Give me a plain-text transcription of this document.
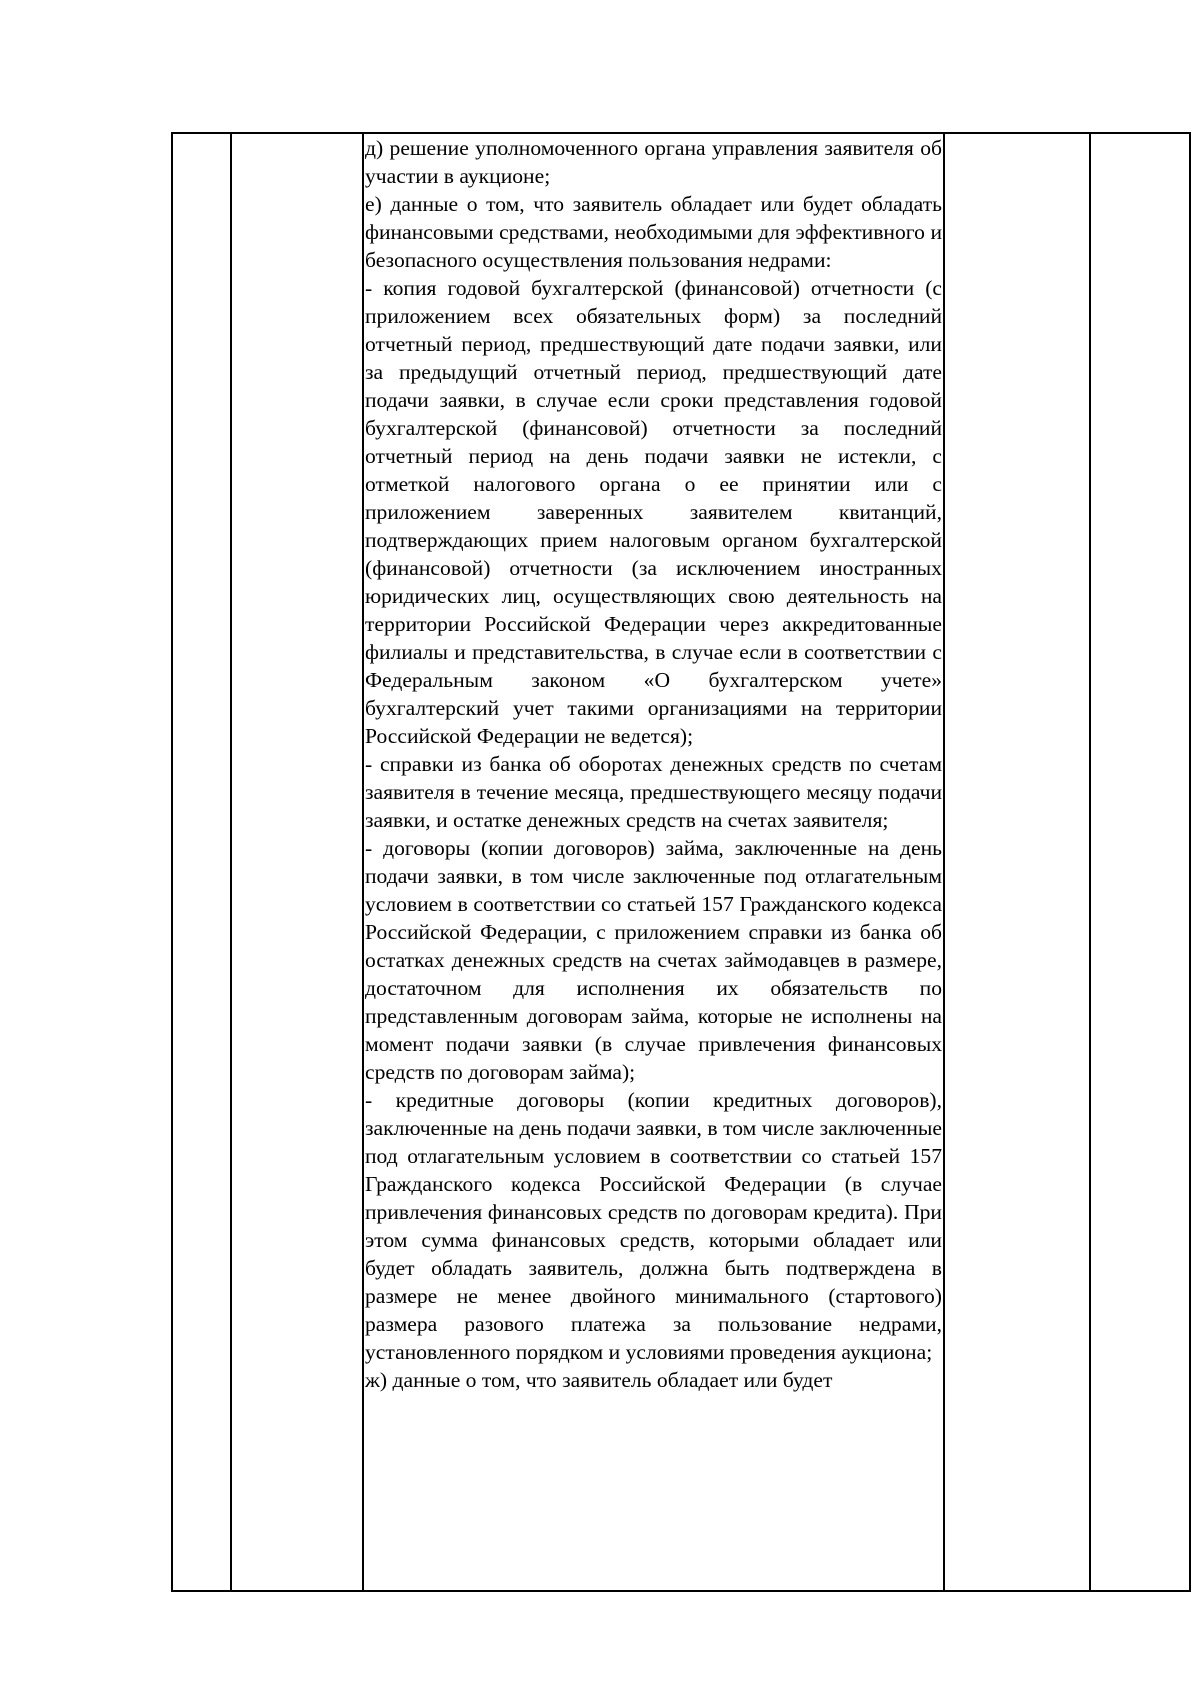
д) решение уполномоченного органа управления заявителя об участии в аукционе;

е) данные о том, что заявитель обладает или будет обладать финансовыми средствами, необходимыми для эффективного и безопасного осуществления пользования недрами:

- копия годовой бухгалтерской (финансовой) отчетности (с приложением всех обязательных форм) за последний отчетный период, предшествующий дате подачи заявки, или за предыдущий отчетный период, предшествующий дате подачи заявки, в случае если сроки представления годовой бухгалтерской (финансовой) отчетности за последний отчетный период на день подачи заявки не истекли, с отметкой налогового органа о ее принятии или с приложением заверенных заявителем квитанций, подтверждающих прием налоговым органом бухгалтерской (финансовой) отчетности (за исключением иностранных юридических лиц, осуществляющих свою деятельность на территории Российской Федерации через аккредитованные филиалы и представительства, в случае если в соответствии с Федеральным законом «О бухгалтерском учете» бухгалтерский учет такими организациями на территории Российской Федерации не ведется);

- справки из банка об оборотах денежных средств по счетам заявителя в течение месяца, предшествующего месяцу подачи заявки, и остатке денежных средств на счетах заявителя;

- договоры (копии договоров) займа, заключенные на день подачи заявки, в том числе заключенные под отлагательным условием в соответствии со статьей 157 Гражданского кодекса Российской Федерации, с приложением справки из банка об остатках денежных средств на счетах займодавцев в размере, достаточном для исполнения их обязательств по представленным договорам займа, которые не исполнены на момент подачи заявки (в случае привлечения финансовых средств по договорам займа);

- кредитные договоры (копии кредитных договоров), заключенные на день подачи заявки, в том числе заключенные под отлагательным условием в соответствии со статьей 157 Гражданского кодекса Российской Федерации (в случае привлечения финансовых средств по договорам кредита). При этом сумма финансовых средств, которыми обладает или будет обладать заявитель, должна быть подтверждена в размере не менее двойного минимального (стартового) размера разового платежа за пользование недрами, установленного порядком и условиями проведения аукциона;

ж) данные о том, что заявитель обладает или будет
